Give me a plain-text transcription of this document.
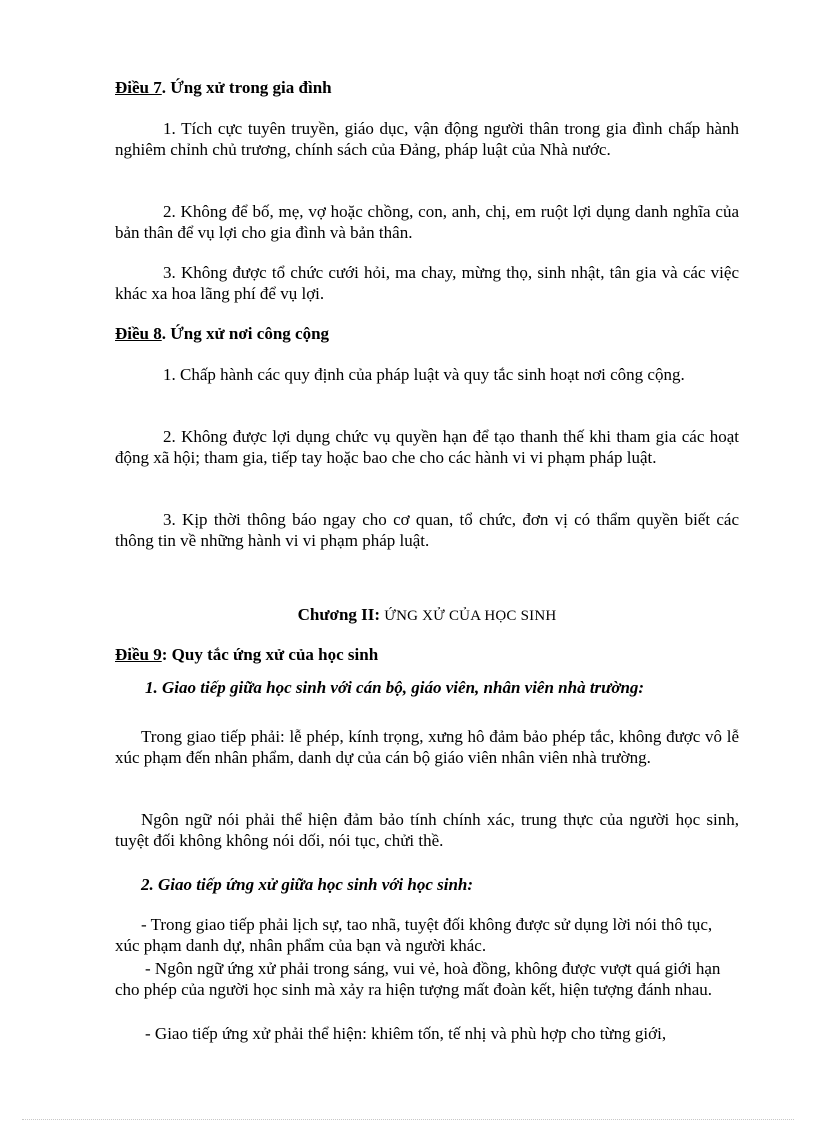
Điều 7. Ứng xử trong gia đình

1. Tích cực tuyên truyền, giáo dục, vận động người thân trong gia đình chấp hành nghiêm chỉnh chủ trương, chính sách của Đảng, pháp luật của Nhà nước.

2. Không để bố, mẹ, vợ hoặc chồng, con, anh, chị, em ruột lợi dụng danh nghĩa của bản thân để vụ lợi cho gia đình và bản thân.

3. Không được tổ chức cưới hỏi, ma chay, mừng thọ, sinh nhật, tân gia và các việc khác xa hoa lãng phí để vụ lợi.

Điều 8. Ứng xử nơi công cộng

1. Chấp hành các quy định của pháp luật và quy tắc sinh hoạt nơi công cộng.

2. Không được lợi dụng chức vụ quyền hạn để tạo thanh thế khi tham gia các hoạt động xã hội; tham gia, tiếp tay hoặc bao che cho các hành vi vi phạm pháp luật.

3. Kịp thời thông báo ngay cho cơ quan, tổ chức, đơn vị có thẩm quyền biết các thông tin về những hành vi vi phạm pháp luật.

Chương II: ỨNG XỬ CỦA HỌC SINH

Điều 9: Quy tắc ứng xử của học sinh

1. Giao tiếp giữa học sinh với cán bộ, giáo viên, nhân viên nhà trường:

Trong giao tiếp phải: lễ phép, kính trọng, xưng hô đảm bảo phép tắc, không được vô lễ xúc phạm đến nhân phẩm, danh dự của cán bộ giáo viên nhân viên nhà trường.

Ngôn ngữ nói phải thể hiện đảm bảo tính chính xác, trung thực của người học sinh, tuyệt đối không không nói dối, nói tục, chửi thề.

2. Giao tiếp ứng xử giữa học sinh với học sinh:

- Trong giao tiếp phải lịch sự, tao nhã, tuyệt đối không được sử dụng lời nói thô tục, xúc phạm danh dự, nhân phẩm của bạn và người khác.

- Ngôn ngữ ứng xử phải trong sáng, vui vẻ, hoà đồng, không được vượt quá giới hạn cho phép của người học sinh mà xảy ra hiện tượng mất đoàn kết, hiện tượng đánh nhau.

- Giao tiếp ứng xử phải thể hiện: khiêm tốn, tế nhị và phù hợp cho từng giới,
